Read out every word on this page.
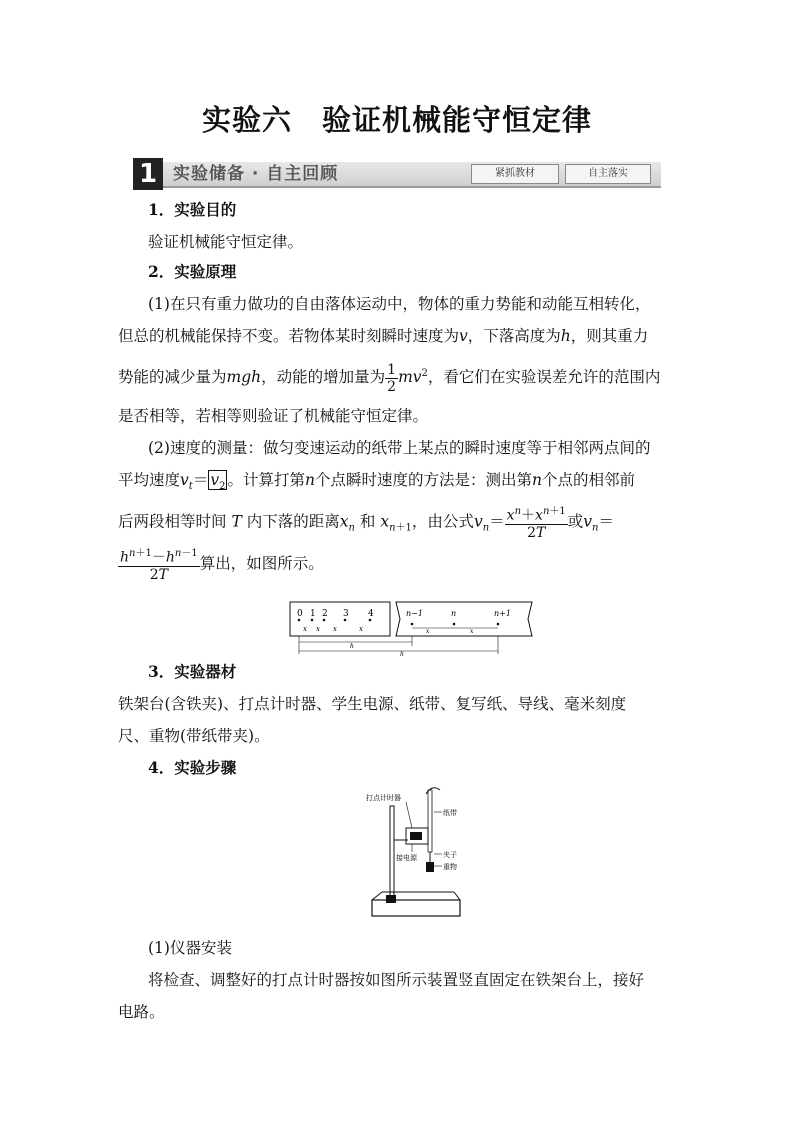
实验六　验证机械能守恒定律
1 实验储备 · 自主回顾	紧抓教材	自主落实
1．实验目的
验证机械能守恒定律。
2．实验原理
(1)在只有重力做功的自由落体运动中，物体的重力势能和动能互相转化，
但总的机械能保持不变。若物体某时刻瞬时速度为v，下落高度为h，则其重力
势能的减少量为mgh，动能的增加量为 $\frac{1}{2} mv^2$，看它们在实验误差允许的范围内
是否相等，若相等则验证了机械能守恒定律。
(2)速度的测量：做匀变速运动的纸带上某点的瞬时速度等于相邻两点间的
平均速度$v_t= v_2$ 。计算打第n个点瞬时速度的方法是：测出第n个点的相邻前
后两段相等时间 T 内下落的距离$x_n$ 和 $x_{n+1}$，由公式$v_n= \frac{x^n+x^{n+1}}{2T}$ 或$v_n=$
$\frac{h^{n+1}-h^{n-1}}{2T}$ 算出，如图所示。
0 1 2 3 4
x x x	x
n−1	n	n+1
x	x
h
h
3．实验器材
铁架台(含铁夹)、打点计时器、学生电源、纸带、复写纸、导线、毫米刻度
尺、重物(带纸带夹)。
4．实验步骤
打点计时器
纸带
夹子
接电源
重物
(1)仪器安装
将检查、调整好的打点计时器按如图所示装置竖直固定在铁架台上，接好
电路。
